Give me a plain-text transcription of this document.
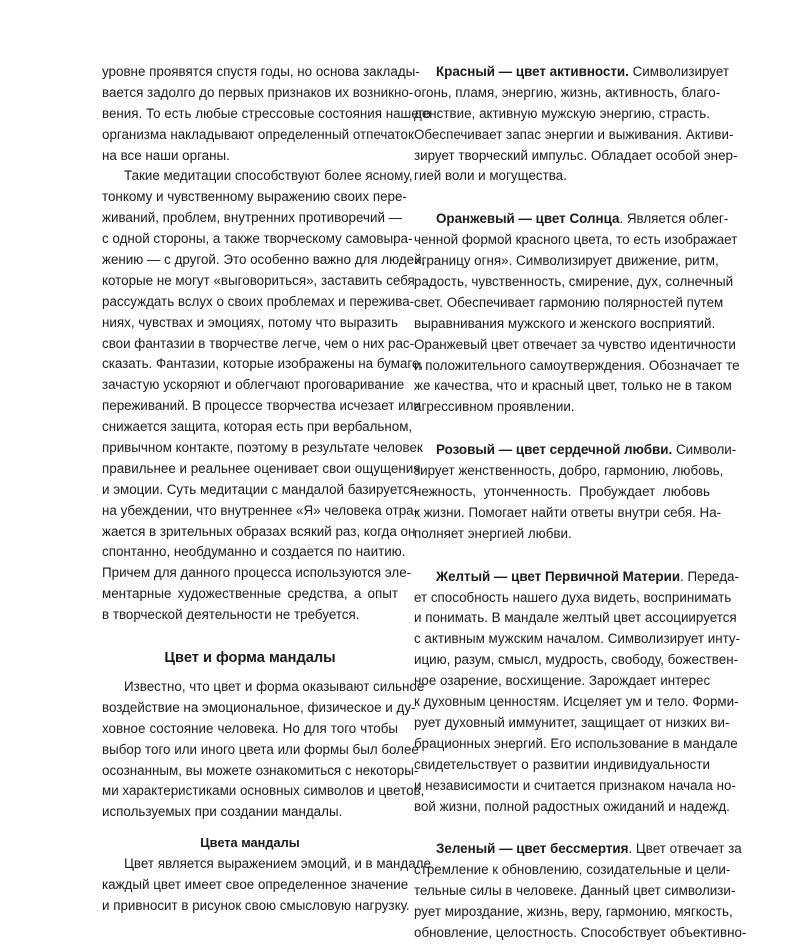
уровне проявятся спустя годы, но основа заклады-
вается задолго до первых признаков их возникно-
вения. То есть любые стрессовые состояния нашего
организма накладывают определенный отпечаток
на все наши органы.
Такие медитации способствуют более ясному,
тонкому и чувственному выражению своих пере-
живаний, проблем, внутренних противоречий —
с одной стороны, а также творческому самовыра-
жению — с другой. Это особенно важно для людей,
которые не могут «выговориться», заставить себя
рассуждать вслух о своих проблемах и пережива-
ниях, чувствах и эмоциях, потому что выразить
свои фантазии в творчестве легче, чем о них рас-
сказать. Фантазии, которые изображены на бумаге,
зачастую ускоряют и облегчают проговаривание
переживаний. В процессе творчества исчезает или
снижается защита, которая есть при вербальном,
привычном контакте, поэтому в результате человек
правильнее и реальнее оценивает свои ощущения
и эмоции. Суть медитации с мандалой базируется
на убеждении, что внутреннее «Я» человека отра-
жается в зрительных образах всякий раз, когда он
спонтанно, необдуманно и создается по наитию.
Причем для данного процесса используются эле-
ментарные художественные средства, а опыт
в творческой деятельности не требуется.
Цвет и форма мандалы
Известно, что цвет и форма оказывают сильное
воздействие на эмоциональное, физическое и ду-
ховное состояние человека. Но для того чтобы
выбор того или иного цвета или формы был более
осознанным, вы можете ознакомиться с некоторы-
ми характеристиками основных символов и цветов,
используемых при создании мандалы.
Цвета мандалы
Цвет является выражением эмоций, и в мандале
каждый цвет имеет свое определенное значение
и привносит в рисунок свою смысловую нагрузку.
Красный — цвет активности. Символизирует
огонь, пламя, энергию, жизнь, активность, благо-
денствие, активную мужскую энергию, страсть.
Обеспечивает запас энергии и выживания. Активи-
зирует творческий импульс. Обладает особой энер-
гией воли и могущества.
Оранжевый — цвет Солнца. Является облег-
ченной формой красного цвета, то есть изображает
«границу огня». Символизирует движение, ритм,
радость, чувственность, смирение, дух, солнечный
свет. Обеспечивает гармонию полярностей путем
выравнивания мужского и женского восприятий.
Оранжевый цвет отвечает за чувство идентичности
и положительного самоутверждения. Обозначает те
же качества, что и красный цвет, только не в таком
агрессивном проявлении.
Розовый — цвет сердечной любви. Символи-
зирует женственность, добро, гармонию, любовь,
нежность, утонченность. Пробуждает любовь
к жизни. Помогает найти ответы внутри себя. На-
полняет энергией любви.
Желтый — цвет Первичной Материи. Переда-
ет способность нашего духа видеть, воспринимать
и понимать. В мандале желтый цвет ассоциируется
с активным мужским началом. Символизирует инту-
ицию, разум, смысл, мудрость, свободу, божествен-
ное озарение, восхищение. Зарождает интерес
к духовным ценностям. Исцеляет ум и тело. Форми-
рует духовный иммунитет, защищает от низких ви-
брационных энергий. Его использование в мандале
свидетельствует о развитии индивидуальности
и независимости и считается признаком начала но-
вой жизни, полной радостных ожиданий и надежд.
Зеленый — цвет бессмертия. Цвет отвечает за
стремление к обновлению, созидательные и цели-
тельные силы в человеке. Данный цвет символизи-
рует мироздание, жизнь, веру, гармонию, мягкость,
обновление, целостность. Способствует объективно-
